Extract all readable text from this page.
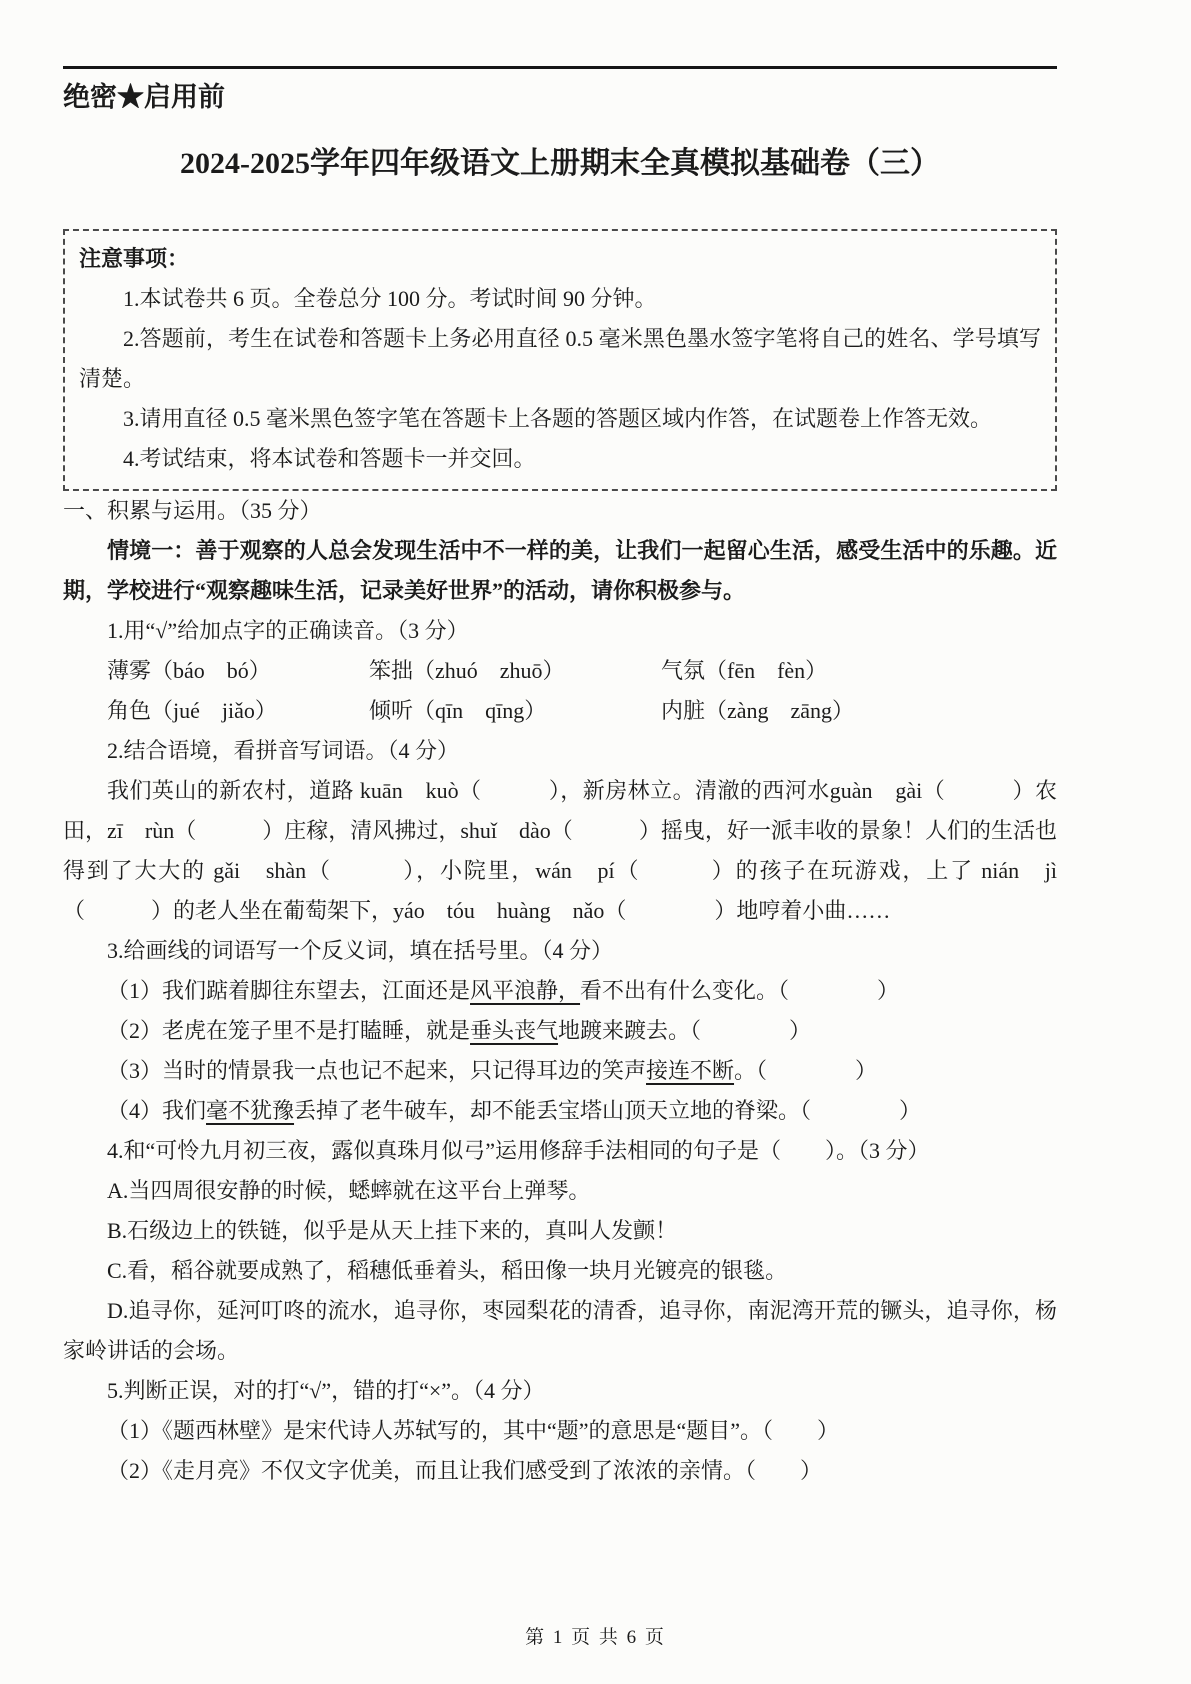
绝密★启用前
2024-2025学年四年级语文上册期末全真模拟基础卷（三）

注意事项：

1.本试卷共 6 页。全卷总分 100 分。考试时间 90 分钟。

2.答题前，考生在试卷和答题卡上务必用直径 0.5 毫米黑色墨水签字笔将自己的姓名、学号填写清楚。

3.请用直径 0.5 毫米黑色签字笔在答题卡上各题的答题区域内作答，在试题卷上作答无效。

4.考试结束，将本试卷和答题卡一并交回。

一、积累与运用。（35 分）

情境一：善于观察的人总会发现生活中不一样的美，让我们一起留心生活，感受生活中的乐趣。近期，学校进行“观察趣味生活，记录美好世界”的活动，请你积极参与。

1.用“√”给加点字的正确读音。（3 分）

薄雾（báo　bó）	笨拙（zhuó　zhuō）	气氛（fēn　fèn）
角色（jué　jiǎo）	倾听（qīn　qīng）	内脏（zàng　zāng）

2.结合语境，看拼音写词语。（4 分）

我们英山的新农村，道路 kuān　kuò（　　　），新房林立。清澈的西河水guàn　gài（　　　）农田，zī　rùn（　　　）庄稼，清风拂过，shuǐ　dào（　　　）摇曳，好一派丰收的景象！人们的生活也得到了大大的 gǎi　shàn（　　　），小院里，wán　pí（　　　）的孩子在玩游戏，上了 nián　jì（　　　）的老人坐在葡萄架下，yáo　tóu　huàng　nǎo（　　　　）地哼着小曲……

3.给画线的词语写一个反义词，填在括号里。（4 分）

（1）我们踮着脚往东望去，江面还是风平浪静，看不出有什么变化。（　　　　）

（2）老虎在笼子里不是打瞌睡，就是垂头丧气地踱来踱去。（　　　　）

（3）当时的情景我一点也记不起来，只记得耳边的笑声接连不断。（　　　　）

（4）我们毫不犹豫丢掉了老牛破车，却不能丢宝塔山顶天立地的脊梁。（　　　　）

4.和“可怜九月初三夜，露似真珠月似弓”运用修辞手法相同的句子是（　　）。（3 分）

A.当四周很安静的时候，蟋蟀就在这平台上弹琴。

B.石级边上的铁链，似乎是从天上挂下来的，真叫人发颤！

C.看，稻谷就要成熟了，稻穗低垂着头，稻田像一块月光镀亮的银毯。

D.追寻你，延河叮咚的流水，追寻你，枣园梨花的清香，追寻你，南泥湾开荒的镢头，追寻你，杨家岭讲话的会场。

5.判断正误，对的打“√”，错的打“×”。（4 分）

（1）《题西林壁》是宋代诗人苏轼写的，其中“题”的意思是“题目”。（　　）

（2）《走月亮》不仅文字优美，而且让我们感受到了浓浓的亲情。（　　）

第 1 页 共 6 页
